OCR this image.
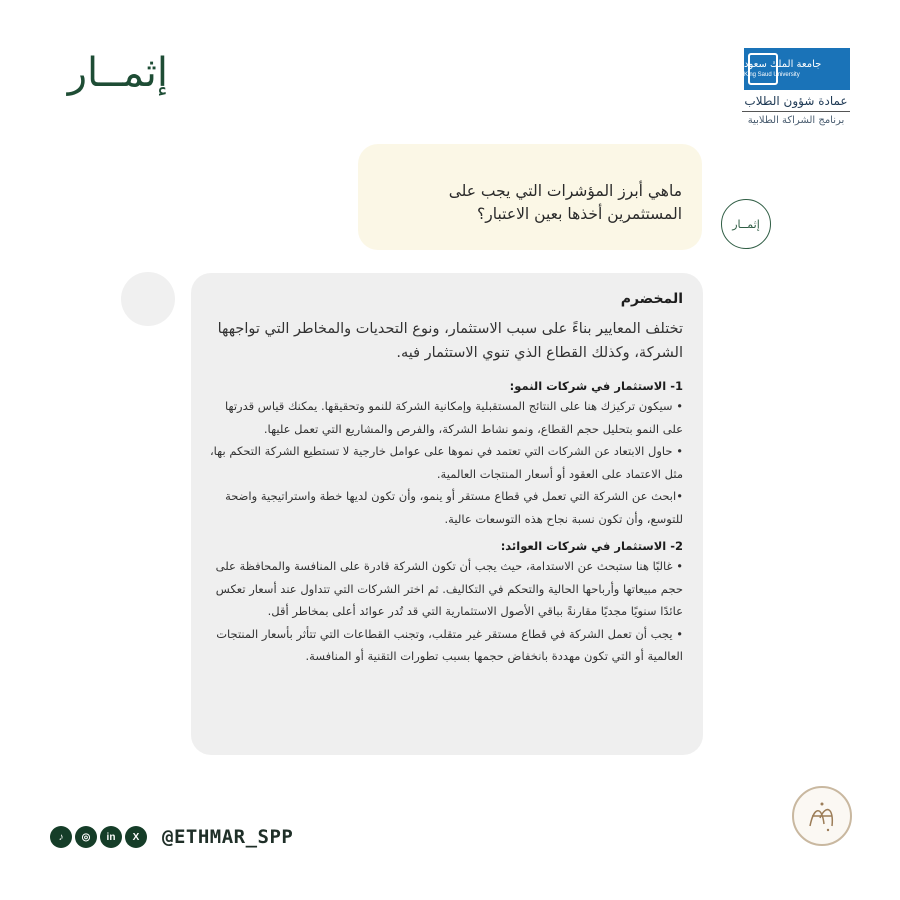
إثمــار	جامعة الملك سعود
King Saud University
عمادة شؤون الطلاب
برنامج الشراكة الطلابية
ماهي أبرز المؤشرات التي يجب على المستثمرين أخذها بعين الاعتبار؟
إثمــار

المخضرم

تختلف المعايير بناءً على سبب الاستثمار، ونوع التحديات والمخاطر التي تواجهها الشركة، وكذلك القطاع الذي تنوي الاستثمار فيه.

1- الاستثمار في شركات النمو:

• سيكون تركيزك هنا على النتائج المستقبلية وإمكانية الشركة للنمو وتحقيقها. يمكنك قياس قدرتها على النمو بتحليل حجم القطاع، ونمو نشاط الشركة، والفرص والمشاريع التي تعمل عليها.

• حاول الابتعاد عن الشركات التي تعتمد في نموها على عوامل خارجية لا تستطيع الشركة التحكم بها، مثل الاعتماد على العقود أو أسعار المنتجات العالمية.

•ابحث عن الشركة التي تعمل في قطاع مستقر أو ينمو، وأن تكون لديها خطة واستراتيجية واضحة للتوسع، وأن تكون نسبة نجاح هذه التوسعات عالية.

2- الاستثمار في شركات العوائد:

• غالبًا هنا ستبحث عن الاستدامة، حيث يجب أن تكون الشركة قادرة على المنافسة والمحافظة على حجم مبيعاتها وأرباحها الحالية والتحكم في التكاليف. ثم اختر الشركات التي تتداول عند أسعار تعكس عائدًا سنويًا مجديًا مقارنةً بباقي الأصول الاستثمارية التي قد تُدر عوائد أعلى بمخاطر أقل.

• يجب أن تعمل الشركة في قطاع مستقر غير متقلب، وتجنب القطاعات التي تتأثر بأسعار المنتجات العالمية أو التي تكون مهددة بانخفاض حجمها بسبب تطورات التقنية أو المنافسة.

♪	◎	in	X	@ETHMAR_SPP
